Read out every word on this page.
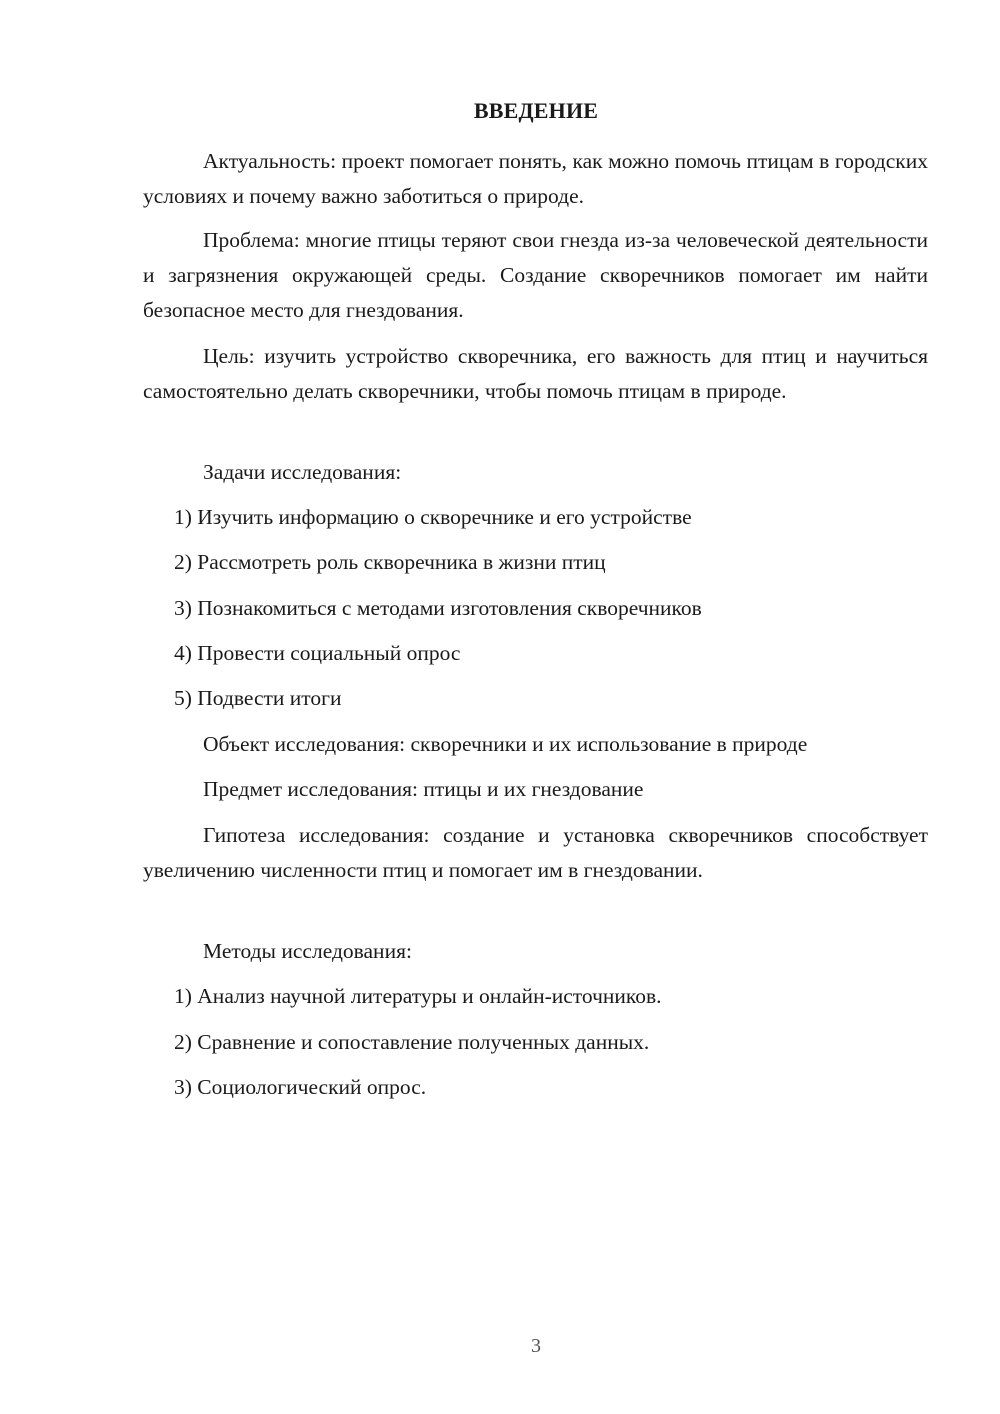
ВВЕДЕНИЕ
Актуальность: проект помогает понять, как можно помочь птицам в городских условиях и почему важно заботиться о природе.
Проблема: многие птицы теряют свои гнезда из-за человеческой деятельности и загрязнения окружающей среды. Создание скворечников помогает им найти безопасное место для гнездования.
Цель: изучить устройство скворечника, его важность для птиц и научиться самостоятельно делать скворечники, чтобы помочь птицам в природе.
Задачи исследования:
1) Изучить информацию о скворечнике и его устройстве
2) Рассмотреть роль скворечника в жизни птиц
3) Познакомиться с методами изготовления скворечников
4) Провести социальный опрос
5) Подвести итоги
Объект исследования: скворечники и их использование в природе
Предмет исследования: птицы и их гнездование
Гипотеза исследования: создание и установка скворечников способствует увеличению численности птиц и помогает им в гнездовании.
Методы исследования:
1) Анализ научной литературы и онлайн-источников.
2) Сравнение и сопоставление полученных данных.
3) Социологический опрос.
3
